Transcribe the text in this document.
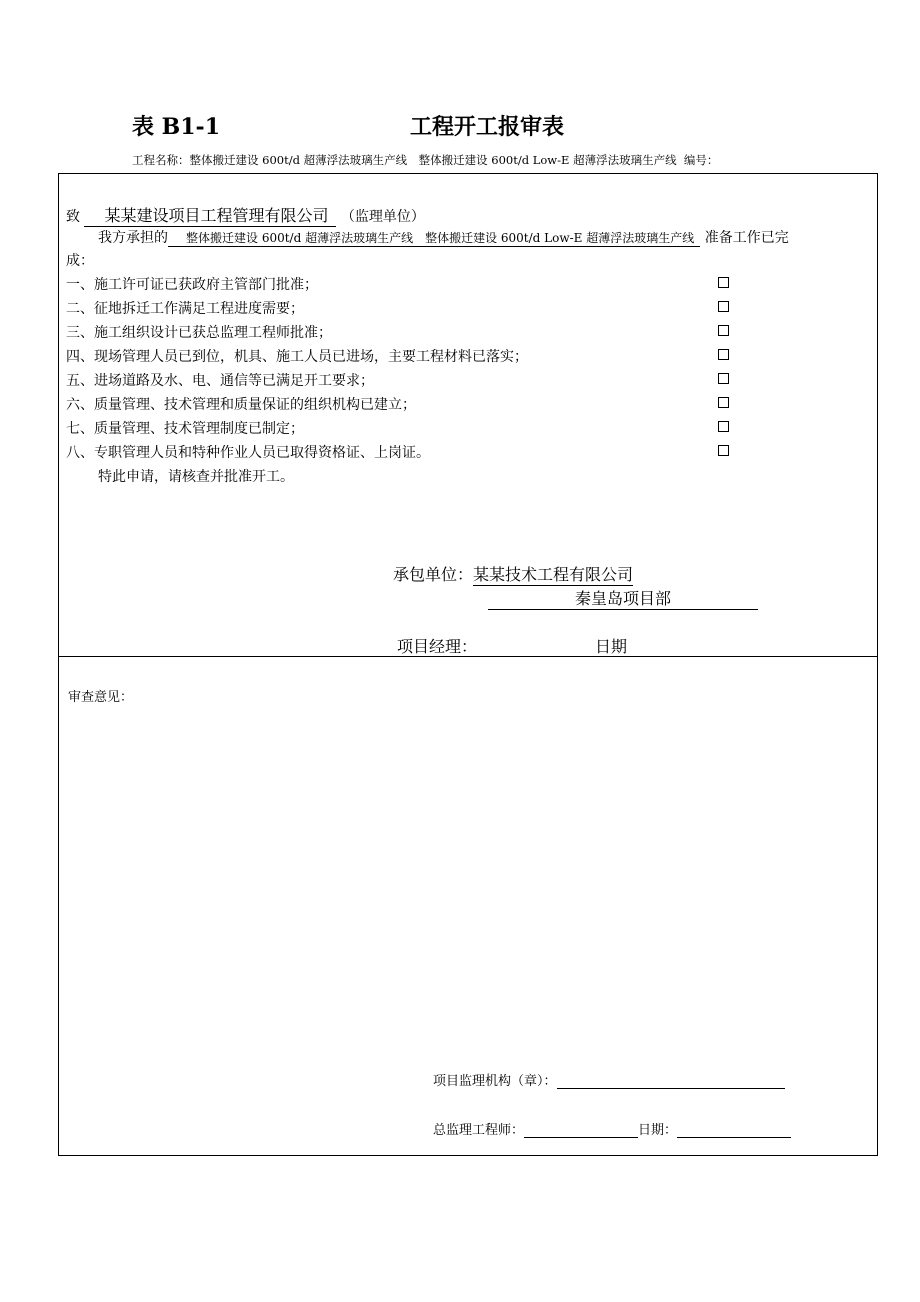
表 B1-1	工程开工报审表
工程名称：整体搬迁建设 600t/d 超薄浮法玻璃生产线　整体搬迁建设 600t/d Low-E 超薄浮法玻璃生产线 编号：
致 某某建设项目工程管理有限公司 （监理单位）
我方承担的 整体搬迁建设 600t/d 超薄浮法玻璃生产线　整体搬迁建设 600t/d Low-E 超薄浮法玻璃生产线 准备工作已完
成：
一、施工许可证已获政府主管部门批准；
二、征地拆迁工作满足工程进度需要；
三、施工组织设计已获总监理工程师批准；
四、现场管理人员已到位，机具、施工人员已进场，主要工程材料已落实；
五、进场道路及水、电、通信等已满足开工要求；
六、质量管理、技术管理和质量保证的组织机构已建立；
七、质量管理、技术管理制度已制定；
八、专职管理人员和特种作业人员已取得资格证、上岗证。
特此申请，请核查并批准开工。
承包单位：某某技术工程有限公司
秦皇岛项目部
项目经理：	日期
审查意见：
项目监理机构（章）：
总监理工程师：	日期：
